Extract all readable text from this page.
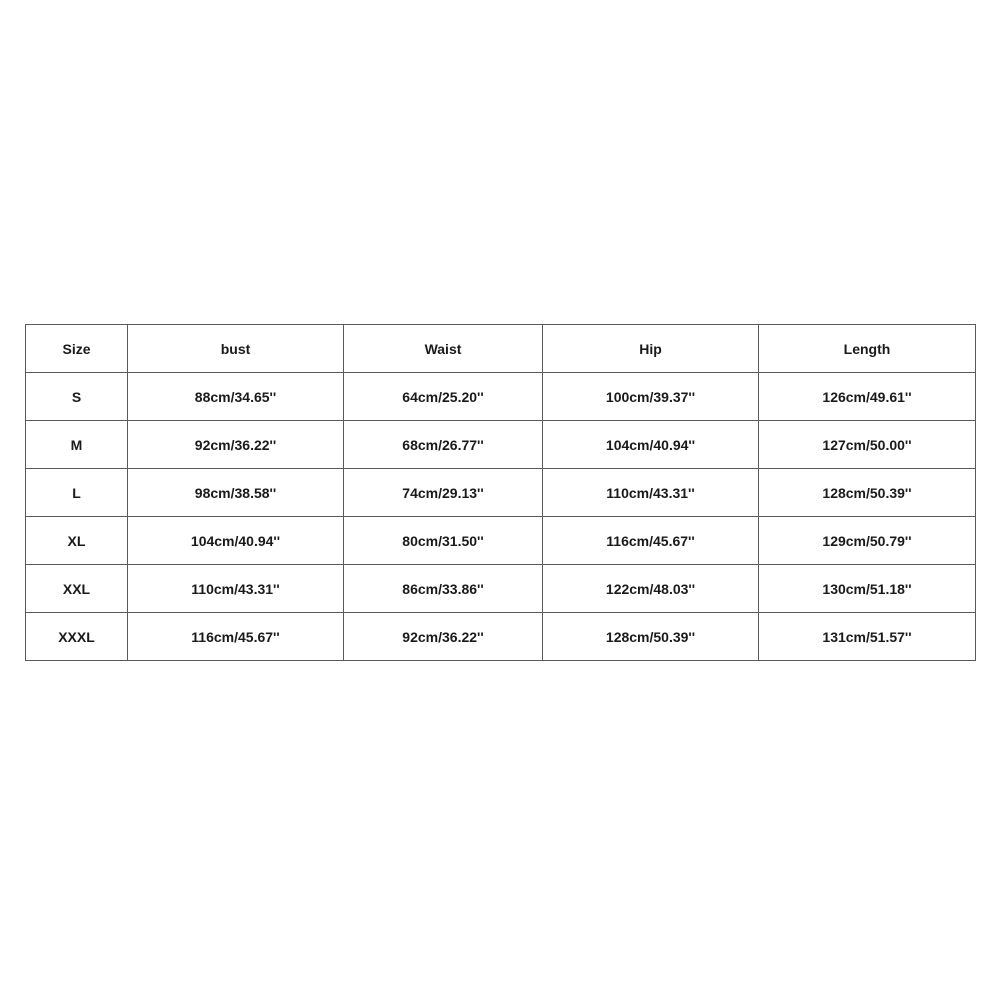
Size	bust	Waist	Hip	Length
S	88cm/34.65''	64cm/25.20''	100cm/39.37''	126cm/49.61''
M	92cm/36.22''	68cm/26.77''	104cm/40.94''	127cm/50.00''
L	98cm/38.58''	74cm/29.13''	110cm/43.31''	128cm/50.39''
XL	104cm/40.94''	80cm/31.50''	116cm/45.67''	129cm/50.79''
XXL	110cm/43.31''	86cm/33.86''	122cm/48.03''	130cm/51.18''
XXXL	116cm/45.67''	92cm/36.22''	128cm/50.39''	131cm/51.57''
